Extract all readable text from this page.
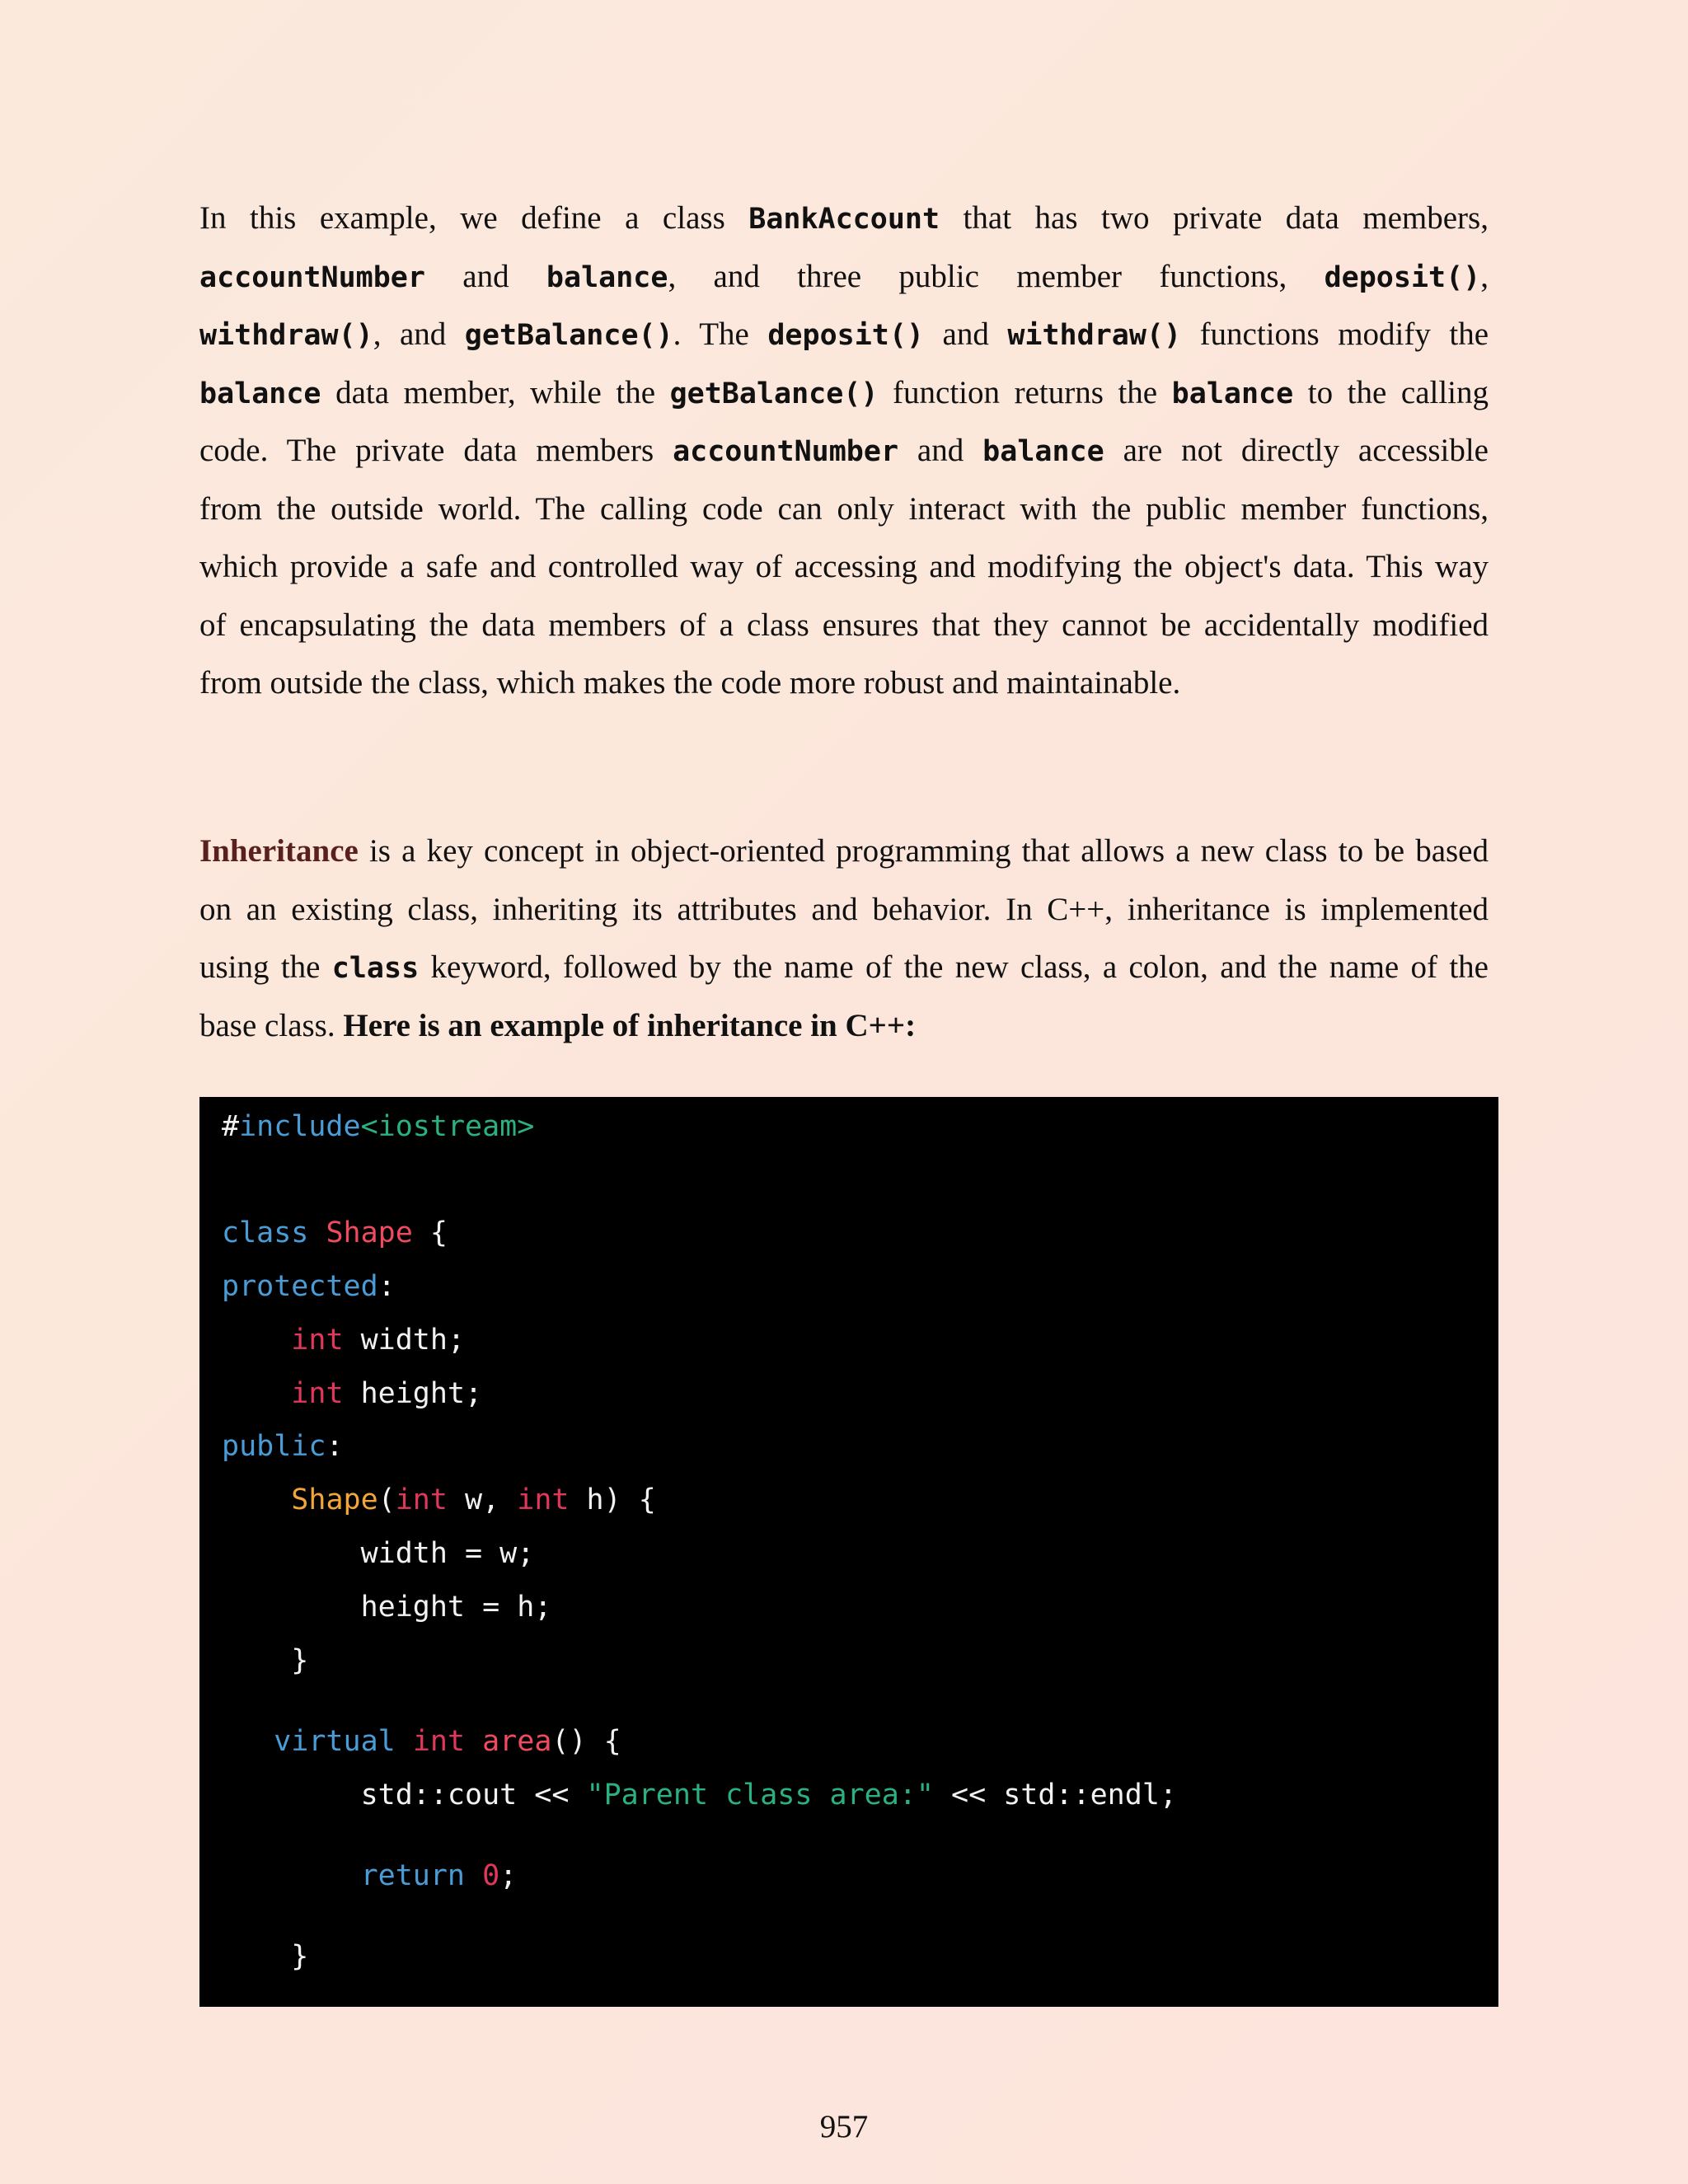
In this example, we define a class BankAccount that has two private data members,
accountNumber and balance, and three public member functions, deposit(),
withdraw(), and getBalance(). The deposit() and withdraw() functions modify the
balance data member, while the getBalance() function returns the balance to the calling
code. The private data members accountNumber and balance are not directly accessible
from the outside world. The calling code can only interact with the public member functions,
which provide a safe and controlled way of accessing and modifying the object's data. This way
of encapsulating the data members of a class ensures that they cannot be accidentally modified
from outside the class, which makes the code more robust and maintainable.
Inheritance is a key concept in object-oriented programming that allows a new class to be based
on an existing class, inheriting its attributes and behavior. In C++, inheritance is implemented
using the class keyword, followed by the name of the new class, a colon, and the name of the
base class. Here is an example of inheritance in C++:
#include<iostream>
class Shape {
protected:
int width;
int height;
public:
Shape(int w, int h) {
width = w;
height = h;
}
virtual int area() {
std::cout << "Parent class area:" << std::endl;
return 0;
}
957
